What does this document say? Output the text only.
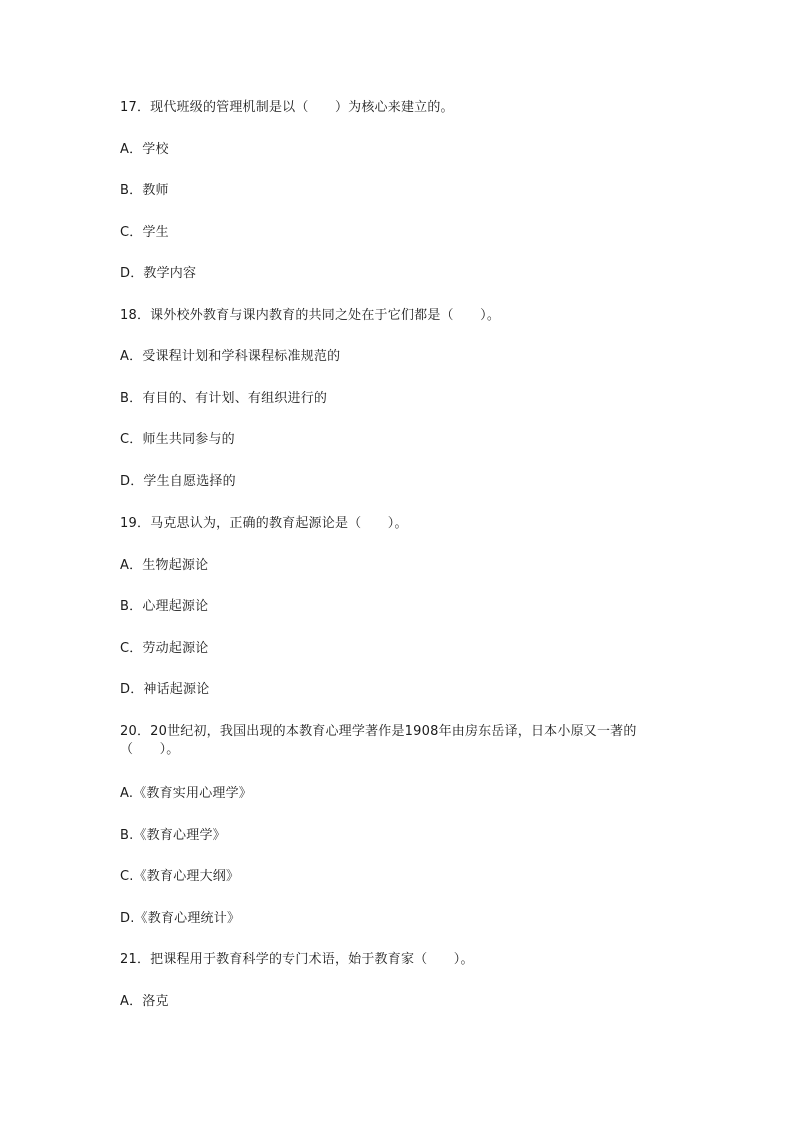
17．现代班级的管理机制是以（　　）为核心来建立的。
A．学校
B．教师
C．学生
D．教学内容
18．课外校外教育与课内教育的共同之处在于它们都是（　　）。
A．受课程计划和学科课程标准规范的
B．有目的、有计划、有组织进行的
C．师生共同参与的
D．学生自愿选择的
19．马克思认为，正确的教育起源论是（　　）。
A．生物起源论
B．心理起源论
C．劳动起源论
D．神话起源论
20．20世纪初，我国出现的本教育心理学著作是1908年由房东岳译，日本小原又一著的（　　）。
A.《教育实用心理学》
B.《教育心理学》
C.《教育心理大纲》
D.《教育心理统计》
21．把课程用于教育科学的专门术语，始于教育家（　　）。
A．洛克
